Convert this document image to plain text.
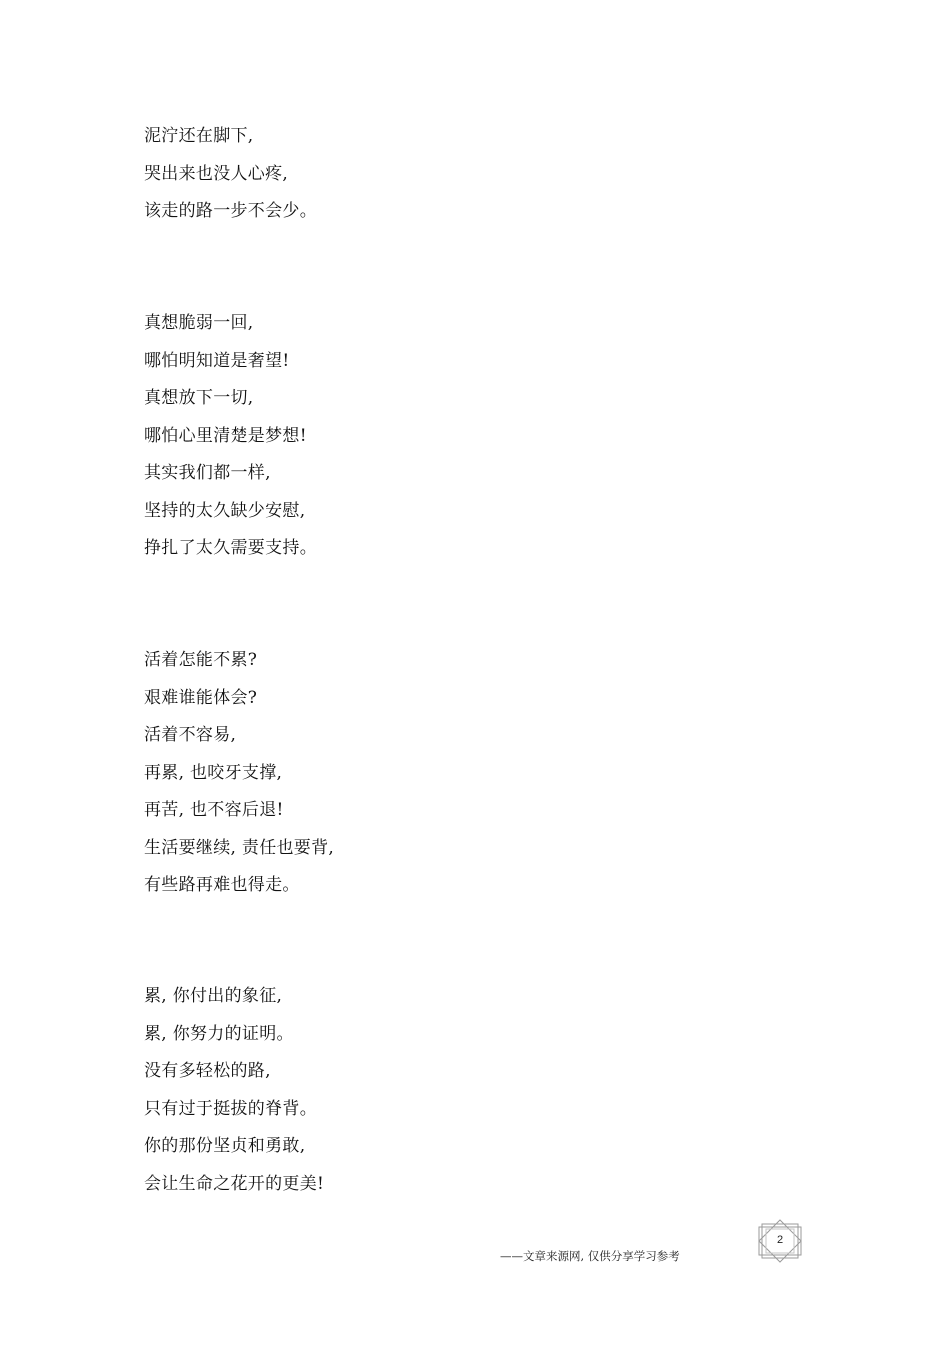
泥泞还在脚下,
哭出来也没人心疼,
该走的路一步不会少。
真想脆弱一回,
哪怕明知道是奢望!
真想放下一切,
哪怕心里清楚是梦想!
其实我们都一样,
坚持的太久缺少安慰,
挣扎了太久需要支持。
活着怎能不累?
艰难谁能体会?
活着不容易,
再累, 也咬牙支撑,
再苦, 也不容后退!
生活要继续, 责任也要背,
有些路再难也得走。
累, 你付出的象征,
累, 你努力的证明。
没有多轻松的路,
只有过于挺拔的脊背。
你的那份坚贞和勇敢,
会让生命之花开的更美!
——文章来源网, 仅供分享学习参考
2
